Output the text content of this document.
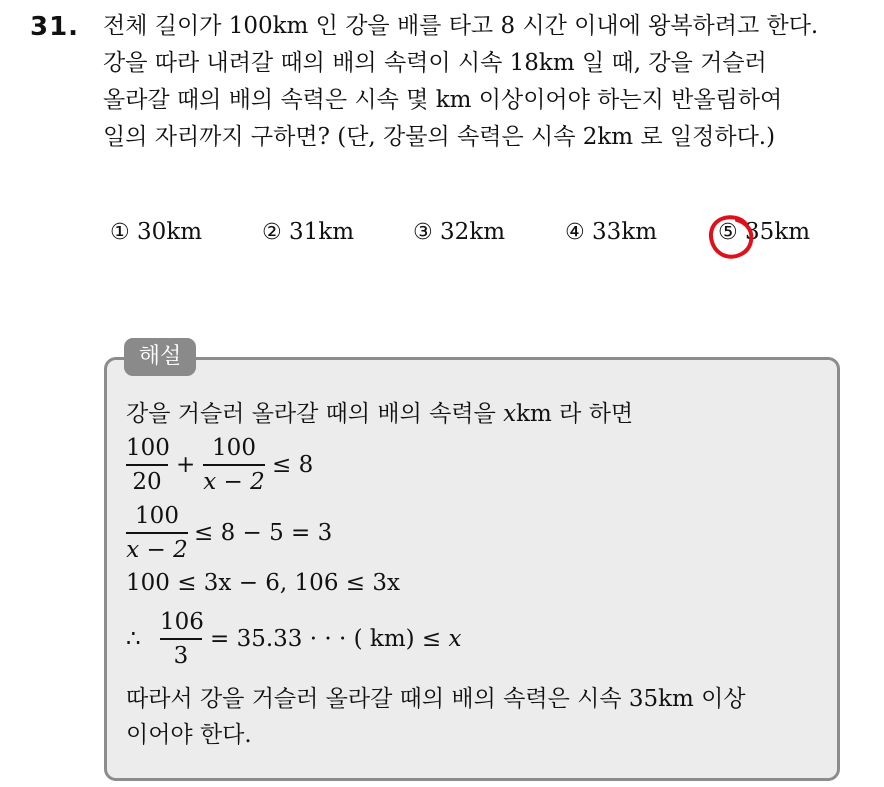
31. 전체 길이가 100km 인 강을 배를 타고 8 시간 이내에 왕복하려고 한다.
강을 따라 내려갈 때의 배의 속력이 시속 18km 일 때, 강을 거슬러
올라갈 때의 배의 속력은 시속 몇 km 이상이어야 하는지 반올림하여
일의 자리까지 구하면? (단, 강물의 속력은 시속 2km 로 일정하다.)
① 30km	② 31km	③ 32km	④ 33km	⑤ 35km
해설
강을 거슬러 올라갈 때의 배의 속력을 xkm 라 하면
100
20
+
100
x − 2
≤ 8
100
x − 2
≤ 8 − 5 = 3
100 ≤ 3x − 6, 106 ≤ 3x
∴
106
3
= 35.33 · · · ( km) ≤ x
따라서 강을 거슬러 올라갈 때의 배의 속력은 시속 35km 이상
이어야 한다.
